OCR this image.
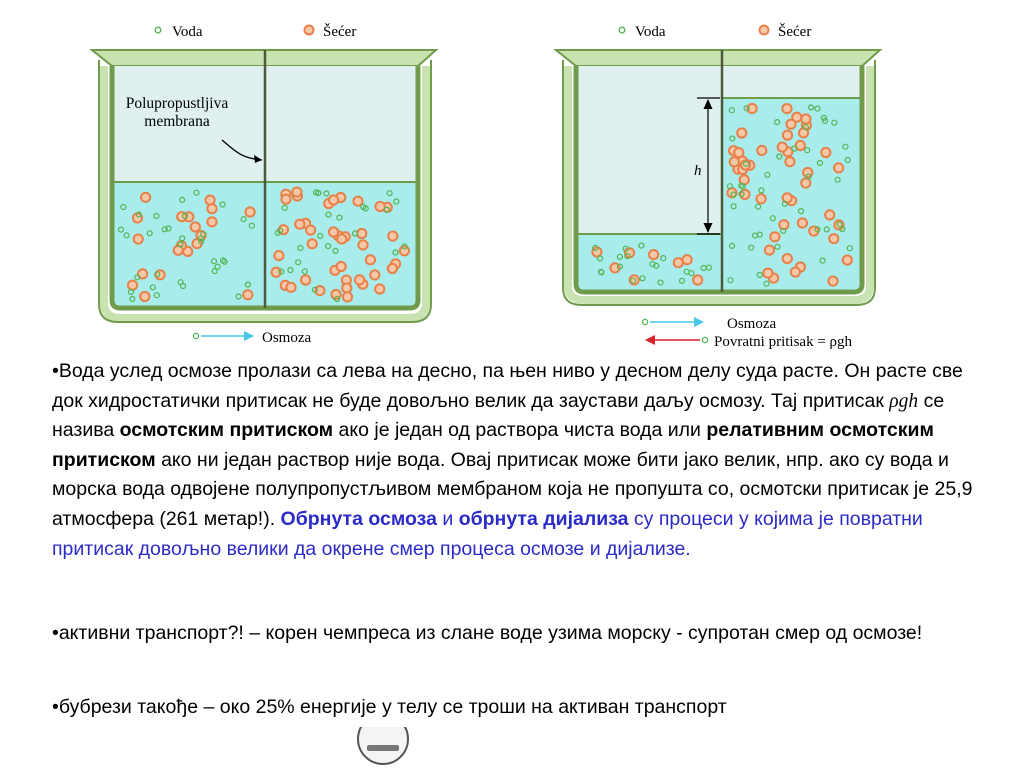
Voda	Šećer
Polupropustljiva
membrana
Osmoza
Voda	Šećer
h
Osmoza
Povratni pritisak = ρgh
•Вода услед осмозе пролази са лева на десно, па њен ниво у десном делу суда расте. Он расте све док хидростатички притисак не буде довољно велик да заустави даљу осмозу. Тај притисак ρgh се назива осмотским притиском ако је један од раствора чиста вода или релативним осмотским притиском ако ни један раствор није вода. Овај притисак може бити јако велик, нпр. ако су вода и морска вода одвојене полупропустљивом мембраном која не пропушта со, осмотски притисак је 25,9 атмосфера (261 метар!). Обрнута осмоза и обрнута дијализа су процеси у којима је повратни притисак довољно велики да окрене смер процеса осмозе и дијализе.
•активни транспорт?! – корен чемпреса из слане воде узима морску - супротан смер од осмозе!
•бубрези такође – око 25% енергије у телу се троши на активан транспорт
